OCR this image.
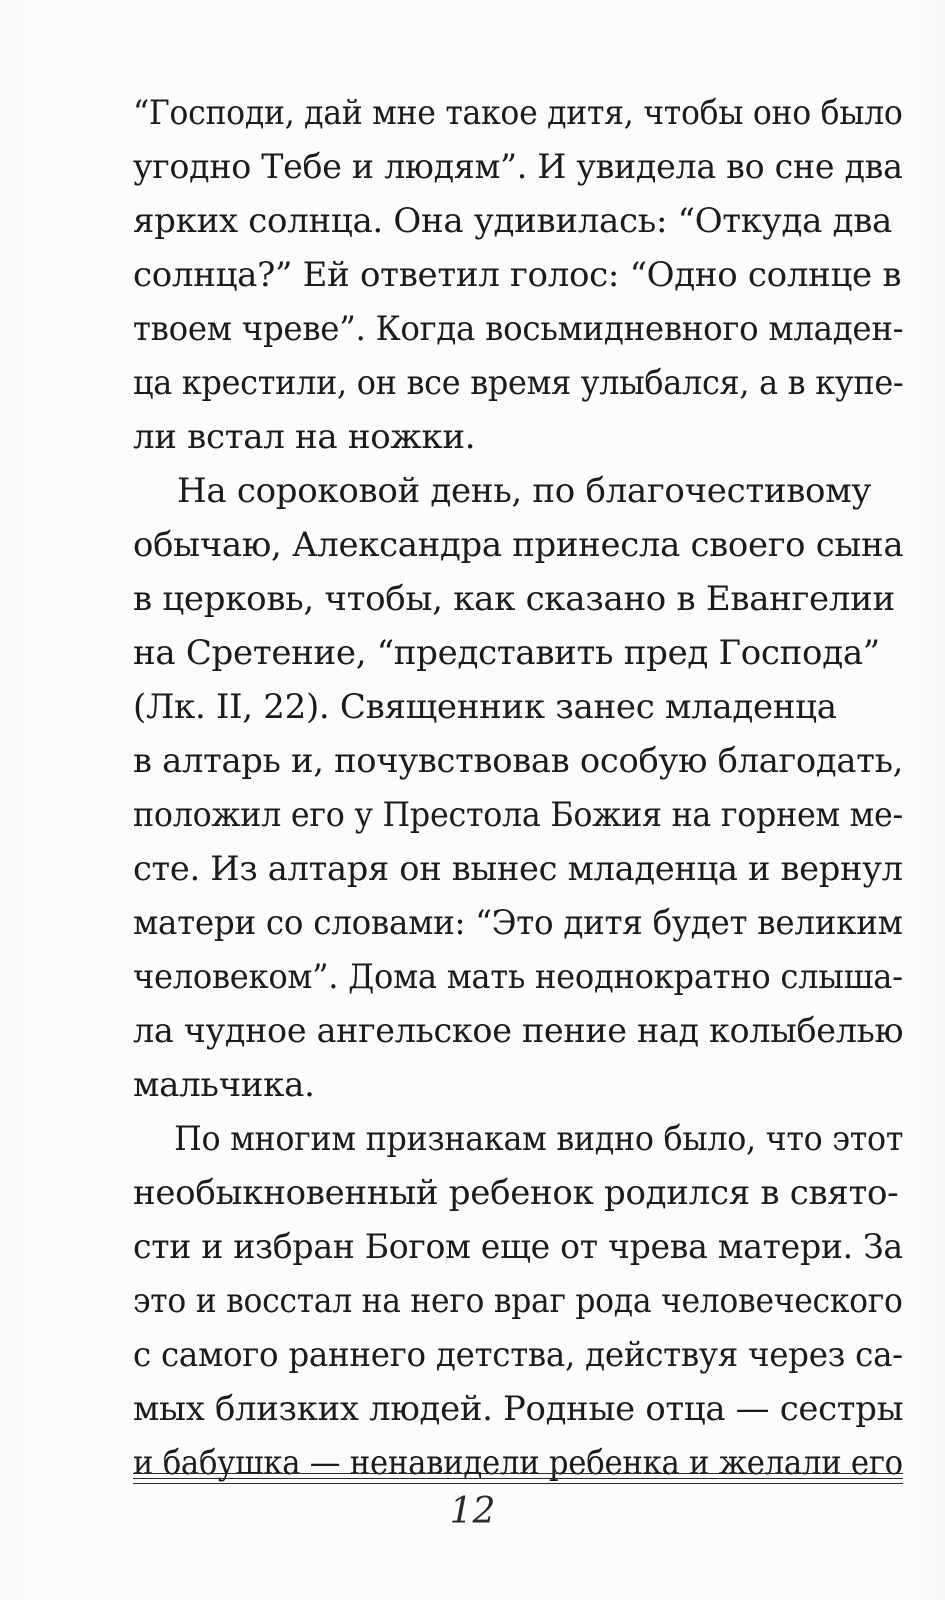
“Господи, дай мне такое дитя, чтобы оно было
угодно Тебе и людям”. И увидела во сне два
ярких солнца. Она удивилась: “Откуда два
солнца?” Ей ответил голос: “Одно солнце в
твоем чреве”. Когда восьмидневного младен-
ца крестили, он все время улыбался, а в купе-
ли встал на ножки.
На сороковой день, по благочестивому
обычаю, Александра принесла своего сына
в церковь, чтобы, как сказано в Евангелии
на Сретение, “представить пред Господа”
(Лк. II, 22). Священник занес младенца
в алтарь и, почувствовав особую благодать,
положил его у Престола Божия на горнем ме-
сте. Из алтаря он вынес младенца и вернул
матери со словами: “Это дитя будет великим
человеком”. Дома мать неоднократно слыша-
ла чудное ангельское пение над колыбелью
мальчика.
По многим признакам видно было, что этот
необыкновенный ребенок родился в свято-
сти и избран Богом еще от чрева матери. За
это и восстал на него враг рода человеческого
с самого раннего детства, действуя через са-
мых близких людей. Родные отца — сестры
и бабушка — ненавидели ребенка и желали его
12
